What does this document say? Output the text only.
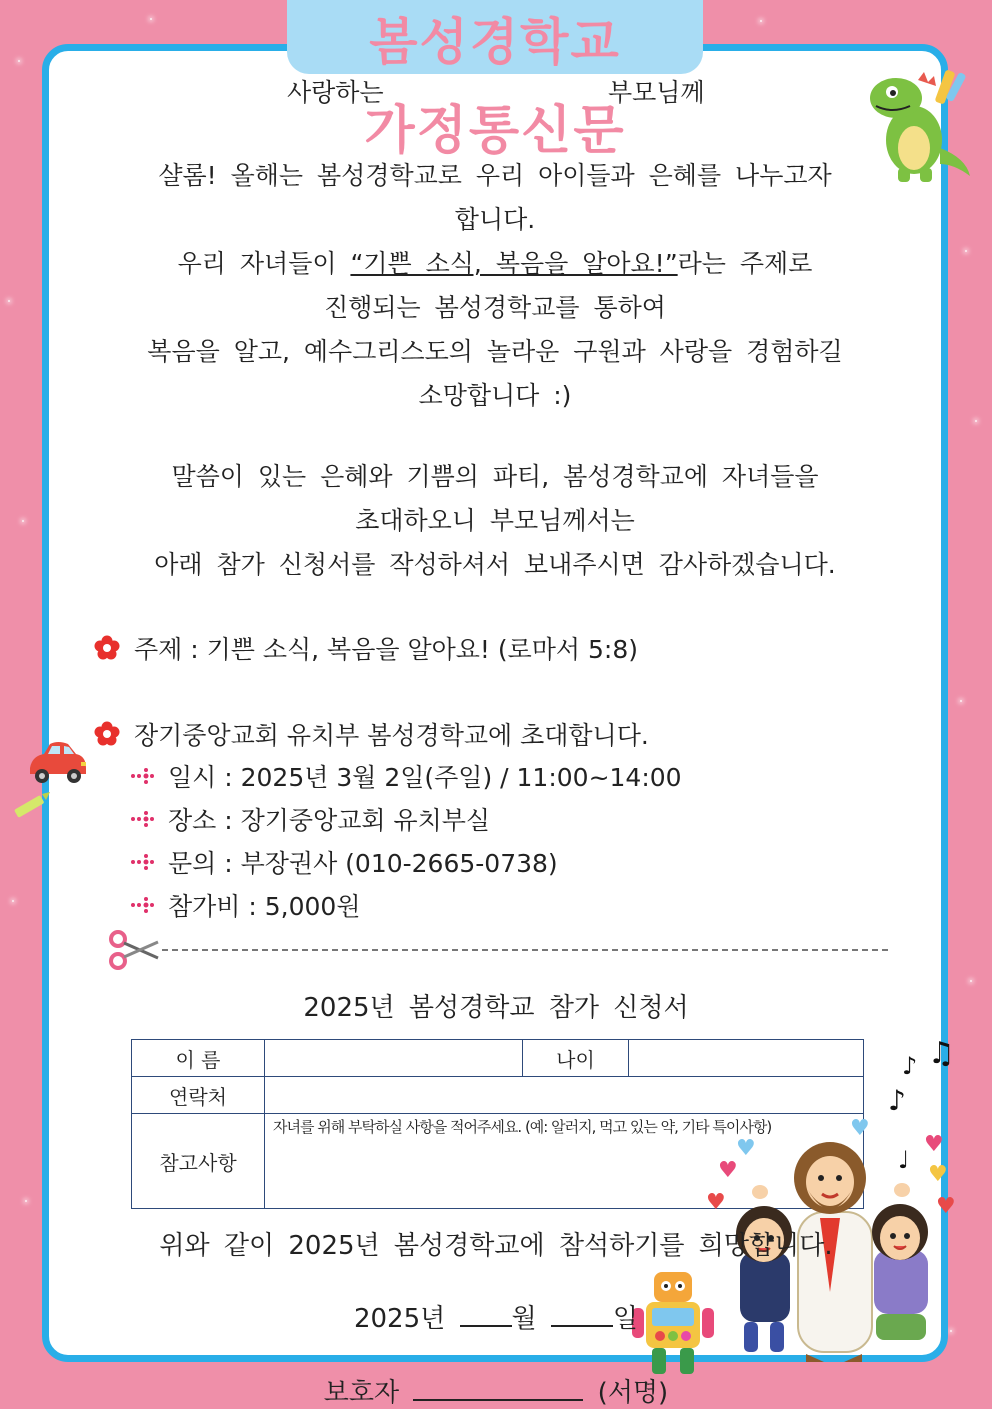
봄성경학교
사랑하는	부모님께
가정통신문
샬롬! 올해는 봄성경학교로 우리 아이들과 은혜를 나누고자
합니다.
우리 자녀들이 “기쁜 소식, 복음을 알아요!”라는 주제로
진행되는 봄성경학교를 통하여
복음을 알고, 예수그리스도의 놀라운 구원과 사랑을 경험하길
소망합니다 :)
말씀이 있는 은혜와 기쁨의 파티, 봄성경학교에 자녀들을
초대하오니 부모님께서는
아래 참가 신청서를 작성하셔서 보내주시면 감사하겠습니다.
주제 : 기쁜 소식, 복음을 알아요! (로마서 5:8)
장기중앙교회 유치부 봄성경학교에 초대합니다.
일시 : 2025년 3월 2일(주일) / 11:00~14:00
장소 : 장기중앙교회 유치부실
문의 : 부장권사 (010-2665-0738)
참가비 : 5,000원
2025년 봄성경학교 참가 신청서
이 름		나이	
연락처			
참고사항	자녀를 위해 부탁하실 사항을 적어주세요. (예: 알러지, 먹고 있는 약, 기타 특이사항)		
♫
♪
♪
♩
♥
♥
♥
♥
♥
♥
♥
위와 같이 2025년 봄성경학교에 참석하기를 희망합니다.
2025년	월	일
보호자	(서명)
